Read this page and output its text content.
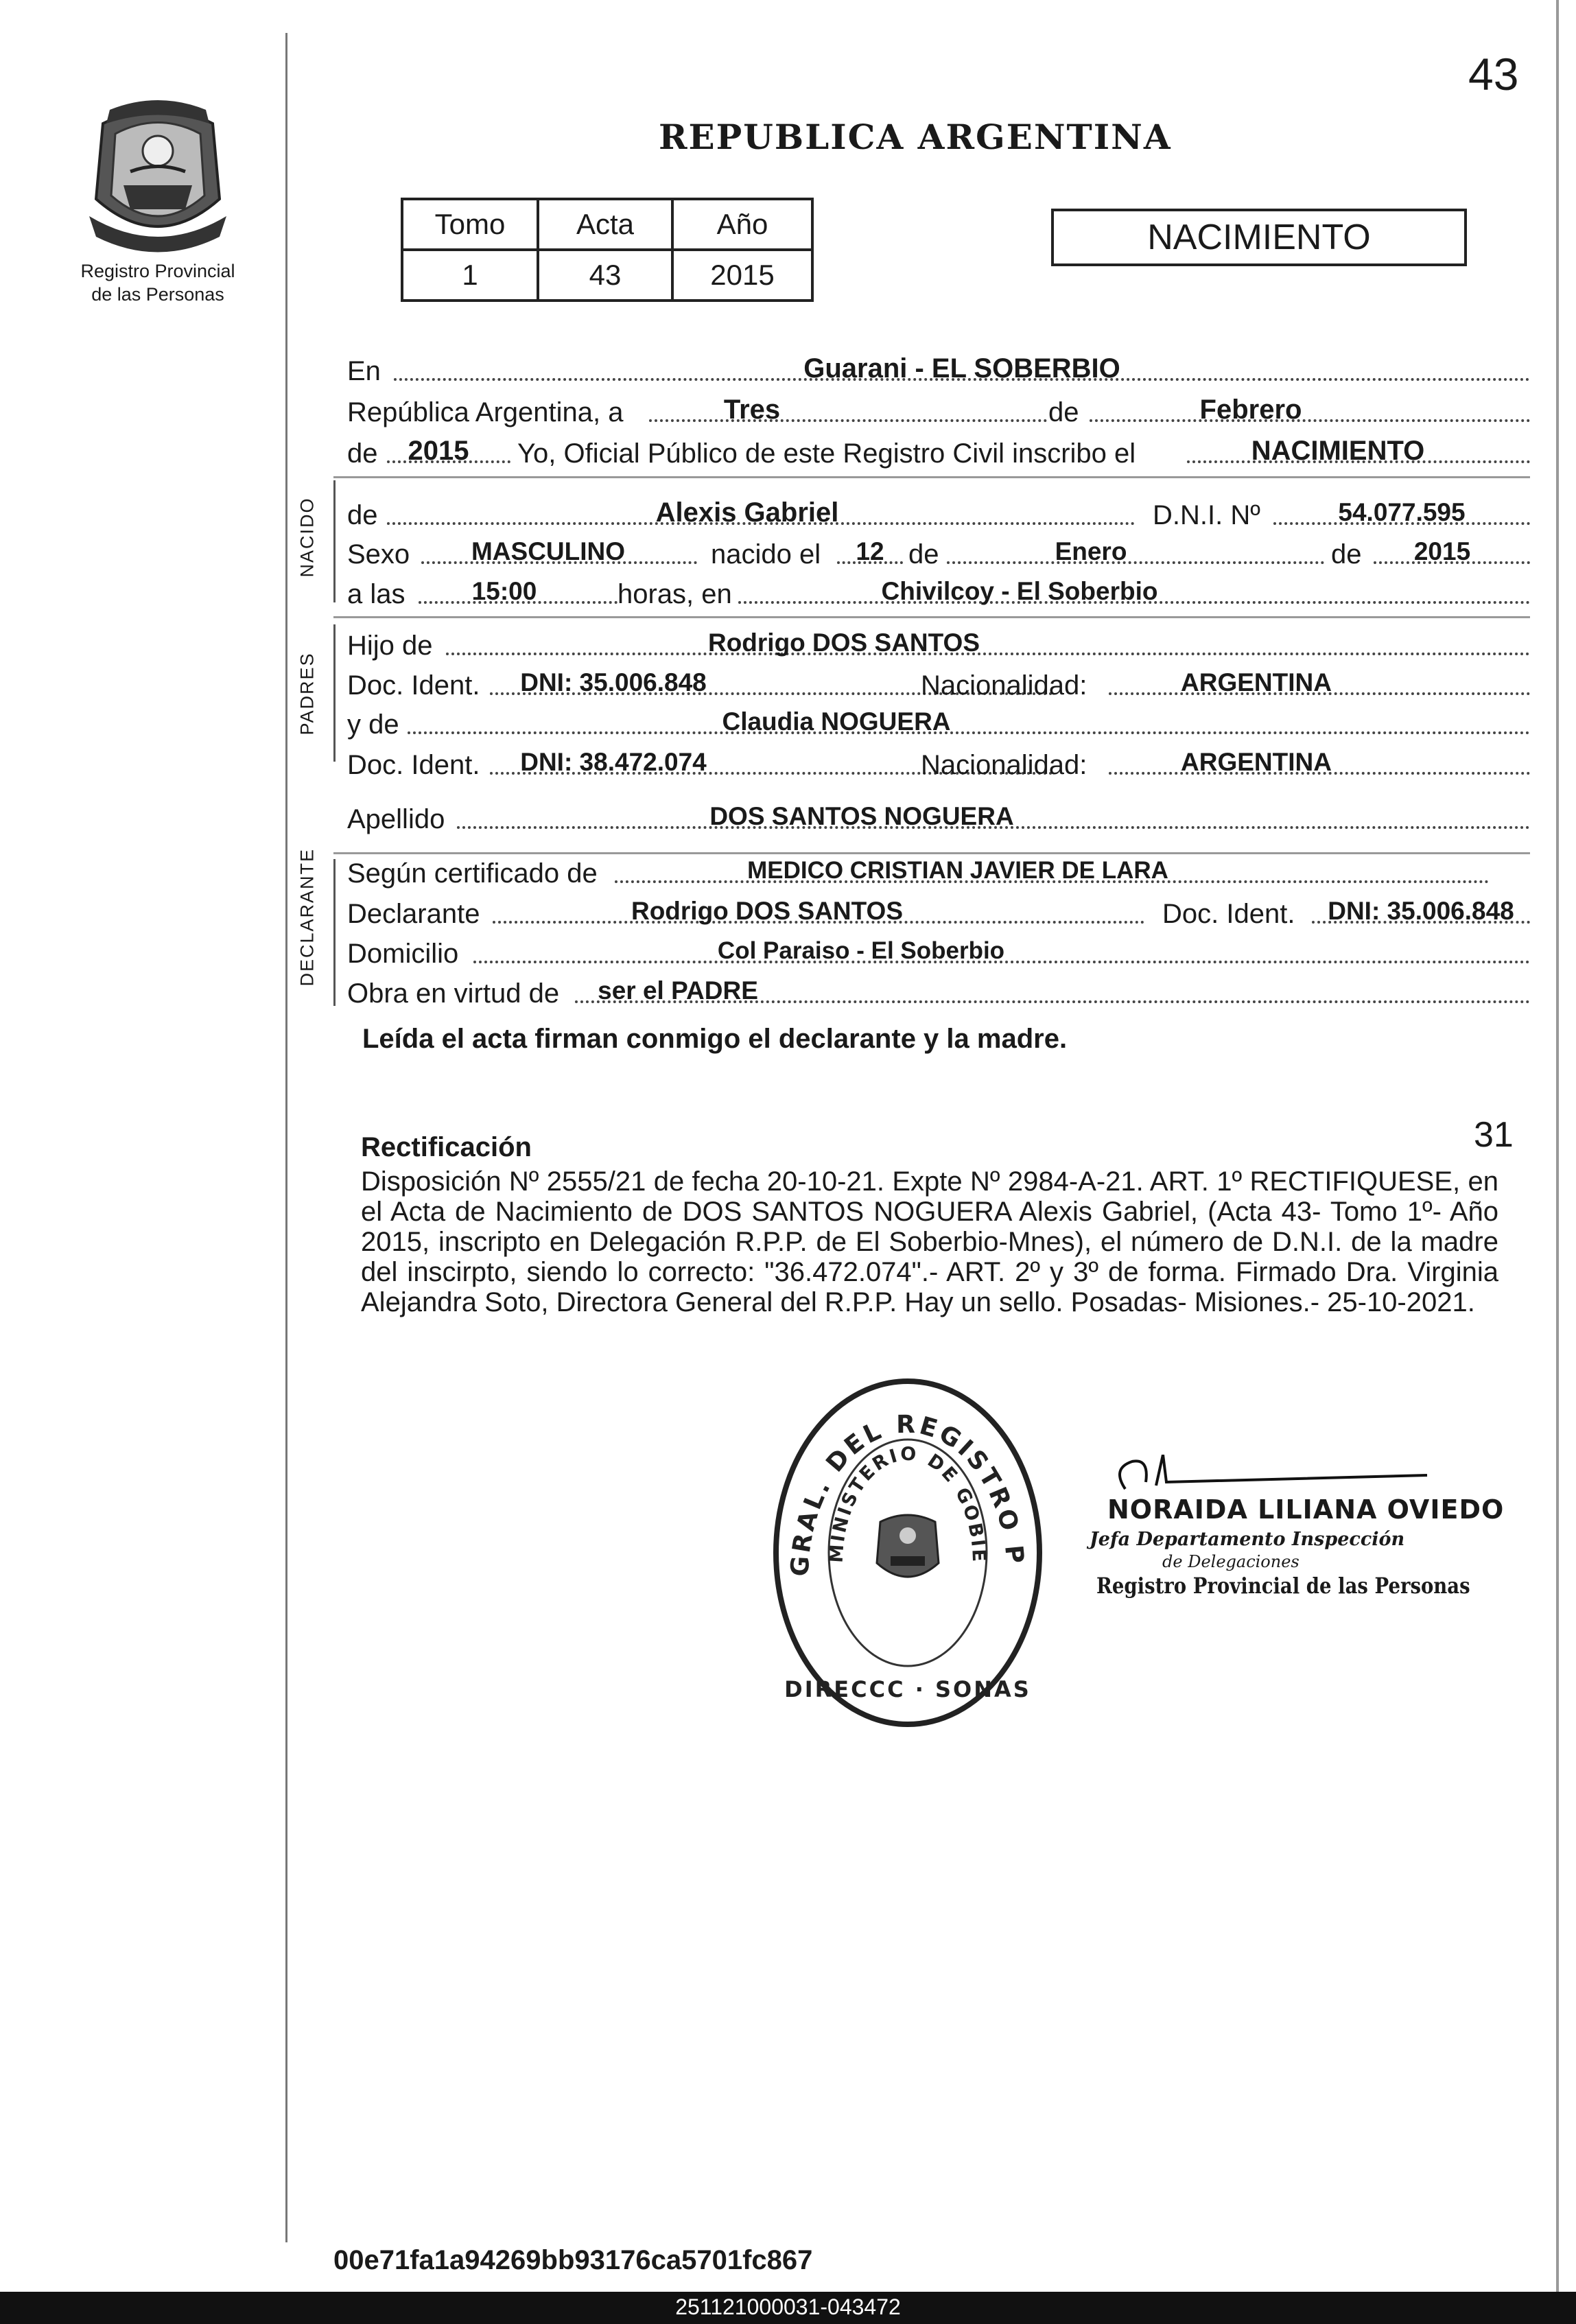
Registro Provincial
de las Personas
43
REPUBLICA ARGENTINA
Tomo	Acta	Año
1	43	2015
NACIMIENTO
En	Guarani - EL SOBERBIO
República Argentina, a	Tres	de	Febrero
de	2015	Yo, Oficial Público de este Registro Civil inscribo el	NACIMIENTO
NACIDO de	Alexis Gabriel	D.N.I. Nº	54.077.595
Sexo	MASCULINO	nacido el	12 de	Enero	de	2015
a las	15:00	horas, en	Chivilcoy - El Soberbio
PADRES
Hijo de	Rodrigo DOS SANTOS
Doc. Ident.	DNI: 35.006.848	Nacionalidad:	ARGENTINA
y de	Claudia NOGUERA
Doc. Ident.	DNI: 38.472.074	Nacionalidad:	ARGENTINA
Apellido	DOS SANTOS NOGUERA
DECLARANTE Según certificado de	MEDICO CRISTIAN JAVIER DE LARA
Declarante	Rodrigo DOS SANTOS	Doc. Ident.	DNI: 35.006.848
Domicilio	Col Paraiso - El Soberbio
Obra en virtud de	ser el PADRE
Leída el acta firman conmigo el declarante y la madre.
31
Rectificación
Disposición Nº 2555/21 de fecha 20-10-21. Expte Nº 2984-A-21. ART. 1º RECTIFIQUESE, en el Acta de Nacimiento de DOS SANTOS NOGUERA Alexis Gabriel, (Acta 43- Tomo 1º- Año 2015, inscripto en Delegación R.P.P. de El Soberbio-Mnes), el número de D.N.I. de la madre del inscirpto, siendo lo correcto: "36.472.074".- ART. 2º y 3º de forma. Firmado Dra. Virginia Alejandra Soto, Directora General del R.P.P. Hay un sello. Posadas- Misiones.- 25-10-2021.
GRAL. DEL REGISTRO P
MINISTERIO DE GOBIE
DIRECCC · SONAS
NORAIDA LILIANA OVIEDO
Jefa Departamento Inspección
de Delegaciones
Registro Provincial de las Personas
00e71fa1a94269bb93176ca5701fc867
251121000031-043472
